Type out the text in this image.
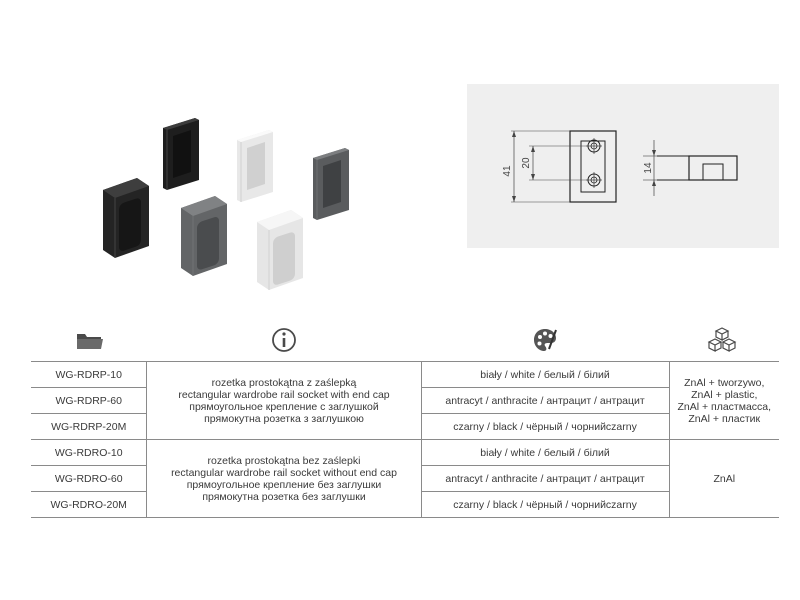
41
20	14
WG-RDRP-10	rozetka prostokątna z zaślepką
rectangular wardrobe rail socket with end cap
прямоугольное крепление с заглушкой
прямокутна розетка з заглушкою	biały / white / белый / білий	ZnAl + tworzywo,
ZnAl + plastic,
ZnAl + пластмасса,
ZnAl + пластик

WG-RDRP-60		antracyt / anthracite / антрацит / антрацит	
WG-RDRP-20M		czarny / black / чёрный / чорнийсzarny	
WG-RDRO-10	rozetka prostokątna bez zaślepki
rectangular wardrobe rail socket without end cap
прямоугольное крепление без заглушки
прямокутна розетка без заглушки	biały / white / белый / білий	ZnAl

WG-RDRO-60		antracyt / anthracite / антрацит / антрацит	
WG-RDRO-20M		czarny / black / чёрный / чорнийсzarny	
